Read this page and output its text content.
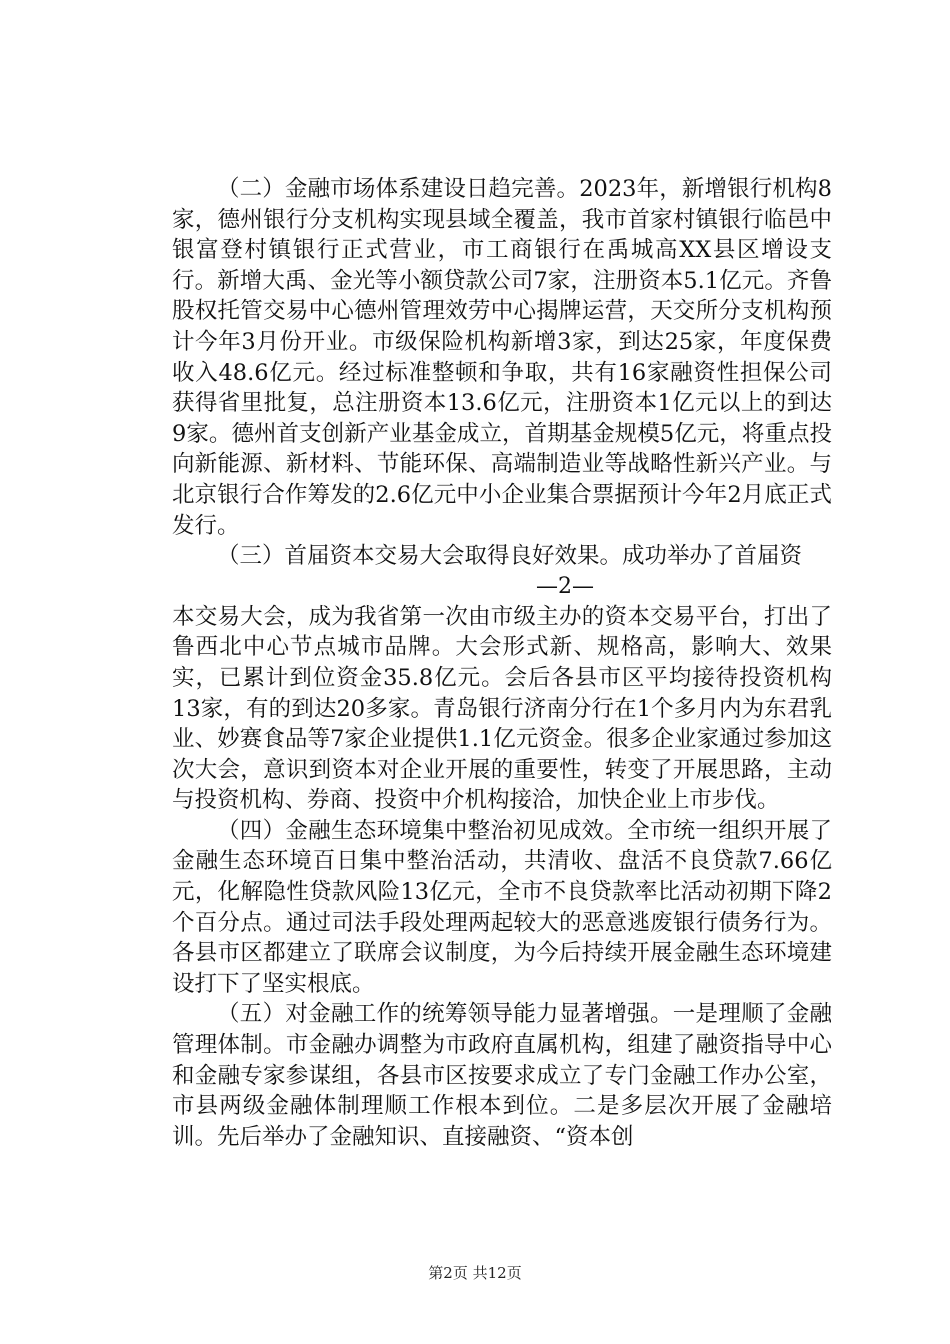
（二）金融市场体系建设日趋完善。2023年，新增银行机构8家，德州银行分支机构实现县域全覆盖，我市首家村镇银行临邑中银富登村镇银行正式营业，市工商银行在禹城高XX县区增设支行。新增大禹、金光等小额贷款公司7家，注册资本5.1亿元。齐鲁股权托管交易中心德州管理效劳中心揭牌运营，天交所分支机构预计今年3月份开业。市级保险机构新增3家，到达25家，年度保费收入48.6亿元。经过标准整顿和争取，共有16家融资性担保公司获得省里批复，总注册资本13.6亿元，注册资本1亿元以上的到达9家。德州首支创新产业基金成立，首期基金规模5亿元，将重点投向新能源、新材料、节能环保、高端制造业等战略性新兴产业。与北京银行合作筹发的2.6亿元中小企业集合票据预计今年2月底正式发行。

（三）首届资本交易大会取得良好效果。成功举办了首届资

—2—

本交易大会，成为我省第一次由市级主办的资本交易平台，打出了鲁西北中心节点城市品牌。大会形式新、规格高，影响大、效果实，已累计到位资金35.8亿元。会后各县市区平均接待投资机构13家，有的到达20多家。青岛银行济南分行在1个多月内为东君乳业、妙赛食品等7家企业提供1.1亿元资金。很多企业家通过参加这次大会，意识到资本对企业开展的重要性，转变了开展思路，主动与投资机构、券商、投资中介机构接洽，加快企业上市步伐。

（四）金融生态环境集中整治初见成效。全市统一组织开展了金融生态环境百日集中整治活动，共清收、盘活不良贷款7.66亿元，化解隐性贷款风险13亿元，全市不良贷款率比活动初期下降2个百分点。通过司法手段处理两起较大的恶意逃废银行债务行为。各县市区都建立了联席会议制度，为今后持续开展金融生态环境建设打下了坚实根底。

（五）对金融工作的统筹领导能力显著增强。一是理顺了金融管理体制。市金融办调整为市政府直属机构，组建了融资指导中心和金融专家参谋组，各县市区按要求成立了专门金融工作办公室，市县两级金融体制理顺工作根本到位。二是多层次开展了金融培训。先后举办了金融知识、直接融资、“资本创

第2页 共12页
